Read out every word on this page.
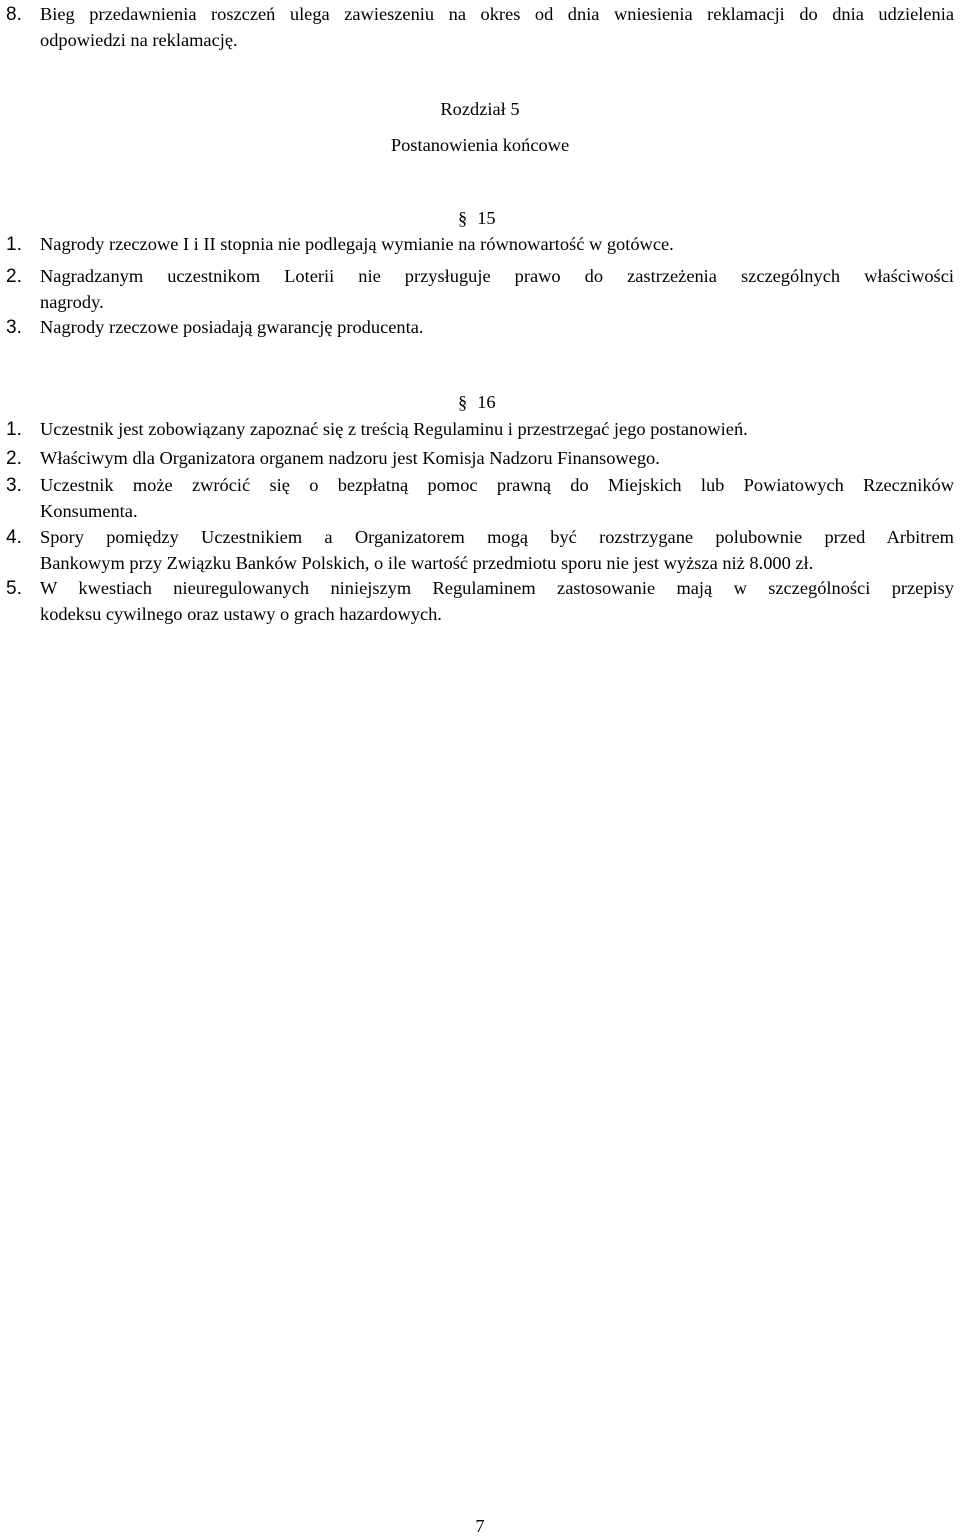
8. Bieg przedawnienia roszczeń ulega zawieszeniu na okres od dnia wniesienia reklamacji do dnia udzielenia
odpowiedzi na reklamację.
Rozdział 5
Postanowienia końcowe
§ 15
1. Nagrody rzeczowe I i II stopnia nie podlegają wymianie na równowartość w gotówce.
2. Nagradzanym uczestnikom Loterii nie przysługuje prawo do zastrzeżenia szczególnych właściwości
nagrody.
3. Nagrody rzeczowe posiadają gwarancję producenta.
§ 16
1. Uczestnik jest zobowiązany zapoznać się z treścią Regulaminu i przestrzegać jego postanowień.
2. Właściwym dla Organizatora organem nadzoru jest Komisja Nadzoru Finansowego.
3. Uczestnik może zwrócić się o bezpłatną pomoc prawną do Miejskich lub Powiatowych Rzeczników
Konsumenta.
4. Spory pomiędzy Uczestnikiem a Organizatorem mogą być rozstrzygane polubownie przed Arbitrem
Bankowym przy Związku Banków Polskich, o ile wartość przedmiotu sporu nie jest wyższa niż 8.000 zł.
5. W kwestiach nieuregulowanych niniejszym Regulaminem zastosowanie mają w szczególności przepisy
kodeksu cywilnego oraz ustawy o grach hazardowych.
7
